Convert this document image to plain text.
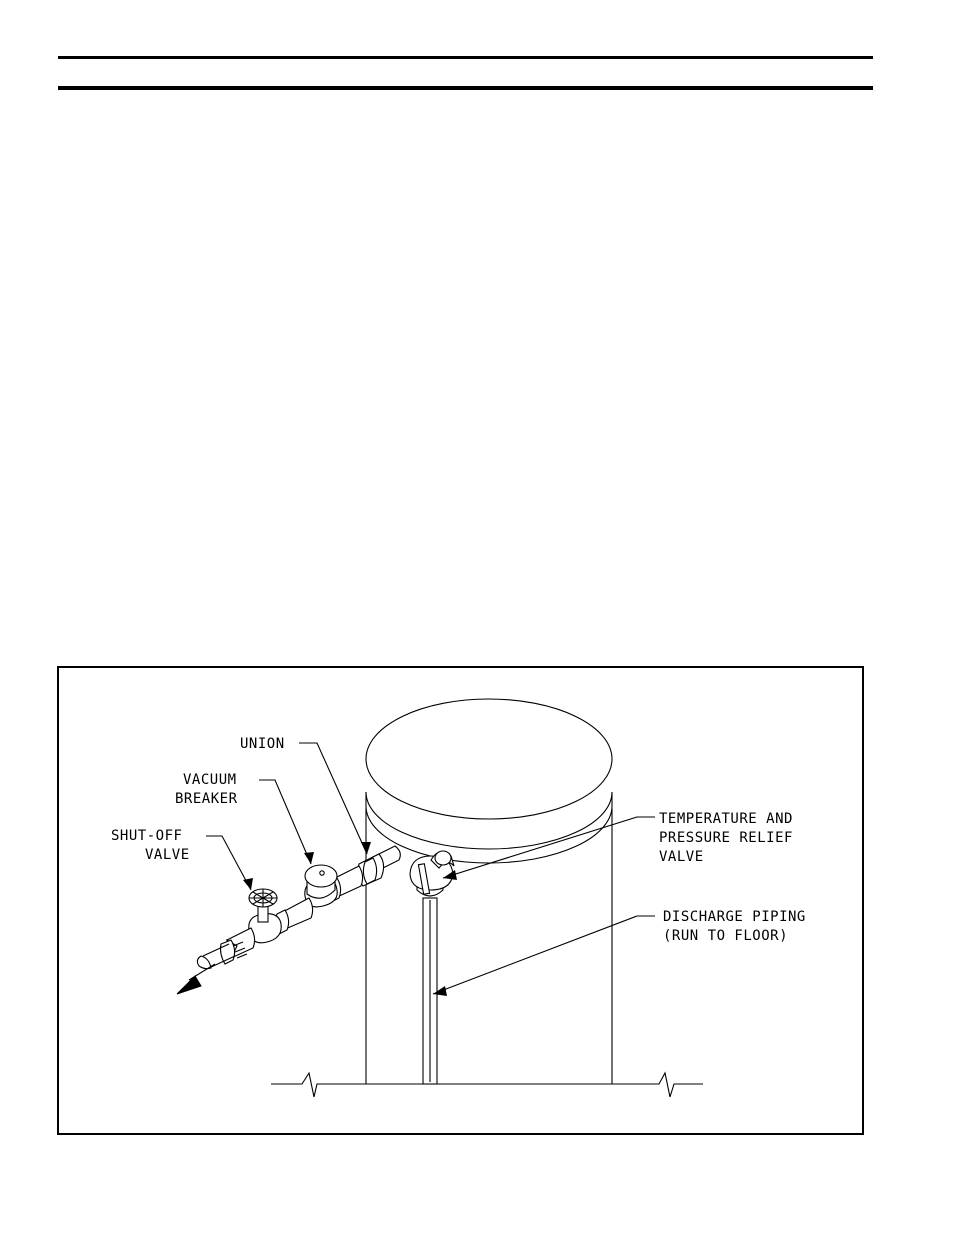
UNION
VACUUM
BREAKER
SHUT-OFF
VALVE
TEMPERATURE AND
PRESSURE RELIEF
VALVE
DISCHARGE PIPING
(RUN TO FLOOR)
